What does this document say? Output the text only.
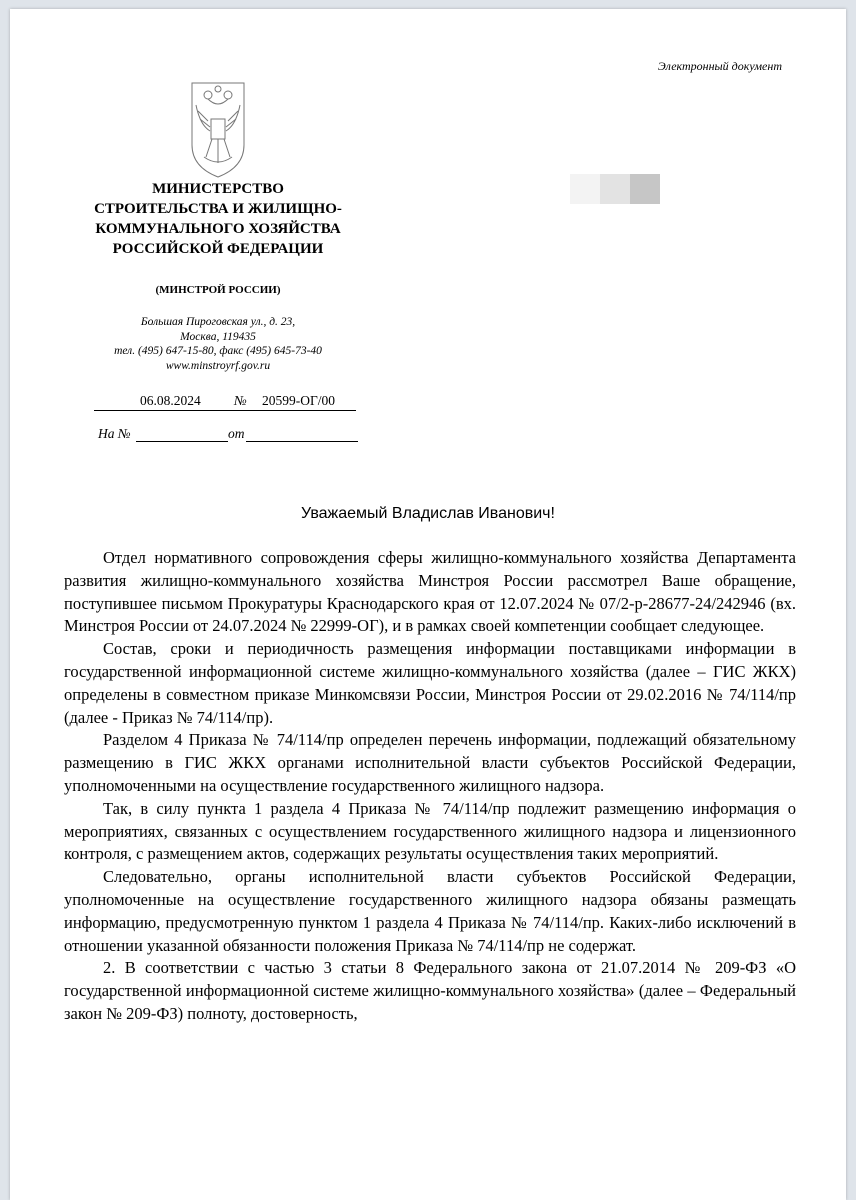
Электронный документ
МИНИСТЕРСТВО
СТРОИТЕЛЬСТВА И ЖИЛИЩНО-
КОММУНАЛЬНОГО ХОЗЯЙСТВА
РОССИЙСКОЙ ФЕДЕРАЦИИ
(МИНСТРОЙ РОССИИ)
Большая Пироговская ул., д. 23,
Москва, 119435
тел. (495) 647-15-80, факс (495) 645-73-40
www.minstroyrf.gov.ru
06.08.2024 № 20599-ОГ/00
На №	от
Уважаемый Владислав Иванович!

Отдел нормативного сопровождения сферы жилищно-коммунального хозяйства Департамента развития жилищно-коммунального хозяйства Минстроя России рассмотрел Ваше обращение, поступившее письмом Прокуратуры Краснодарского края от 12.07.2024 № 07/2-р-28677-24/242946 (вх. Минстроя России от 24.07.2024 № 22999-ОГ), и в рамках своей компетенции сообщает следующее.

Состав, сроки и периодичность размещения информации поставщиками информации в государственной информационной системе жилищно-коммунального хозяйства (далее – ГИС ЖКХ) определены в совместном приказе Минкомсвязи России, Минстроя России от 29.02.2016 № 74/114/пр (далее - Приказ № 74/114/пр).

Разделом 4 Приказа № 74/114/пр определен перечень информации, подлежащий обязательному размещению в ГИС ЖКХ органами исполнительной власти субъектов Российской Федерации, уполномоченными на осуществление государственного жилищного надзора.

Так, в силу пункта 1 раздела 4 Приказа № 74/114/пр подлежит размещению информация о мероприятиях, связанных с осуществлением государственного жилищного надзора и лицензионного контроля, с размещением актов, содержащих результаты осуществления таких мероприятий.

Следовательно, органы исполнительной власти субъектов Российской Федерации, уполномоченные на осуществление государственного жилищного надзора обязаны размещать информацию, предусмотренную пунктом 1 раздела 4 Приказа № 74/114/пр. Каких-либо исключений в отношении указанной обязанности положения Приказа № 74/114/пр не содержат.

2. В соответствии с частью 3 статьи 8 Федерального закона от 21.07.2014 № 209-ФЗ «О государственной информационной системе жилищно-коммунального хозяйства» (далее – Федеральный закон № 209-ФЗ) полноту, достоверность,
